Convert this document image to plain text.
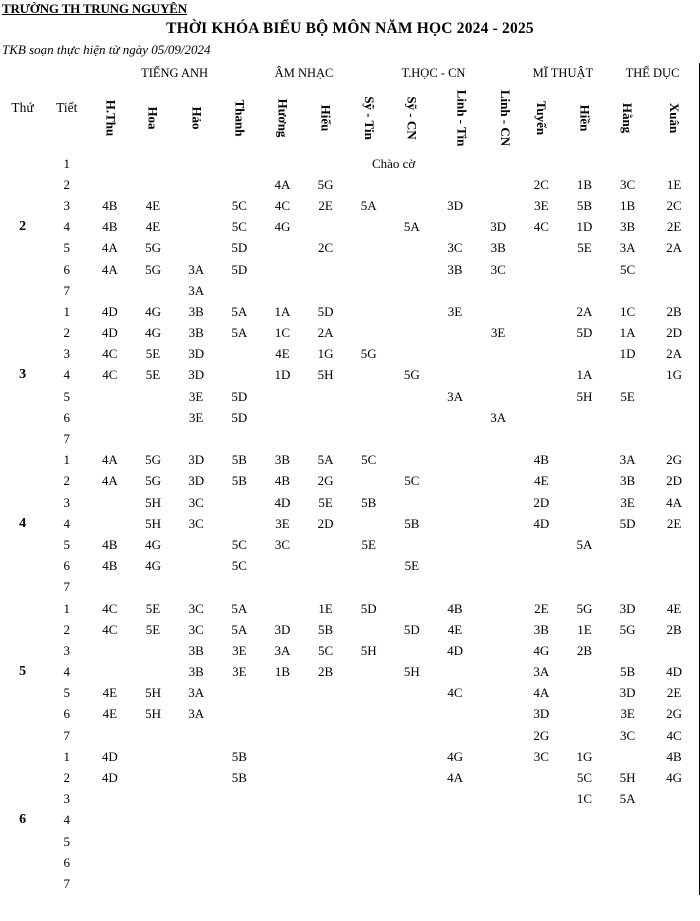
TRƯỜNG TH TRUNG NGUYÊN
THỜI KHÓA BIỂU BỘ MÔN NĂM HỌC 2024 - 2025
TKB soạn thực hiện từ ngày 05/09/2024
Thứ	Tiết	TIẾNG ANH				ÂM NHẠC		T.HỌC - CN				MĨ THUẬT		THỂ DỤC	
		H.Thu	Hoa	Hảo	Thanh	Hương	Hiếu	Sỹ - Tin	Sỹ - CN	Linh - Tin	Linh - CN	Tuyến	Hiền	Hằng	Xuân
2	1	Chào cờ													
	2					4A	5G					2C	1B	3C	1E
	3	4B	4E		5C	4C	2E	5A		3D		3E	5B	1B	2C
	4	4B	4E		5C	4G			5A		3D	4C	1D	3B	2E
	5	4A	5G		5D		2C			3C	3B		5E	3A	2A
	6	4A	5G	3A	5D					3B	3C			5C	
	7			3A											
3	1	4D	4G	3B	5A	1A	5D			3E			2A	1C	2B
	2	4D	4G	3B	5A	1C	2A				3E		5D	1A	2D
	3	4C	5E	3D		4E	1G	5G						1D	2A
	4	4C	5E	3D		1D	5H		5G				1A		1G
	5			3E	5D					3A			5H	5E	
	6			3E	5D						3A				
	7														
4	1	4A	5G	3D	5B	3B	5A	5C				4B		3A	2G
	2	4A	5G	3D	5B	4B	2G		5C			4E		3B	2D
	3		5H	3C		4D	5E	5B				2D		3E	4A
	4		5H	3C		3E	2D		5B			4D		5D	2E
	5	4B	4G		5C	3C		5E					5A		
	6	4B	4G		5C				5E						
	7														
5	1	4C	5E	3C	5A		1E	5D		4B		2E	5G	3D	4E
	2	4C	5E	3C	5A	3D	5B		5D	4E		3B	1E	5G	2B
	3			3B	3E	3A	5C	5H		4D		4G	2B		
	4			3B	3E	1B	2B		5H			3A		5B	4D
	5	4E	5H	3A						4C		4A		3D	2E
	6	4E	5H	3A								3D		3E	2G
	7											2G		3C	4C
6	1	4D			5B					4G		3C	1G		4B
	2	4D			5B					4A			5C	5H	4G
	3												1C	5A	
	4														
	5														
	6														
	7														
